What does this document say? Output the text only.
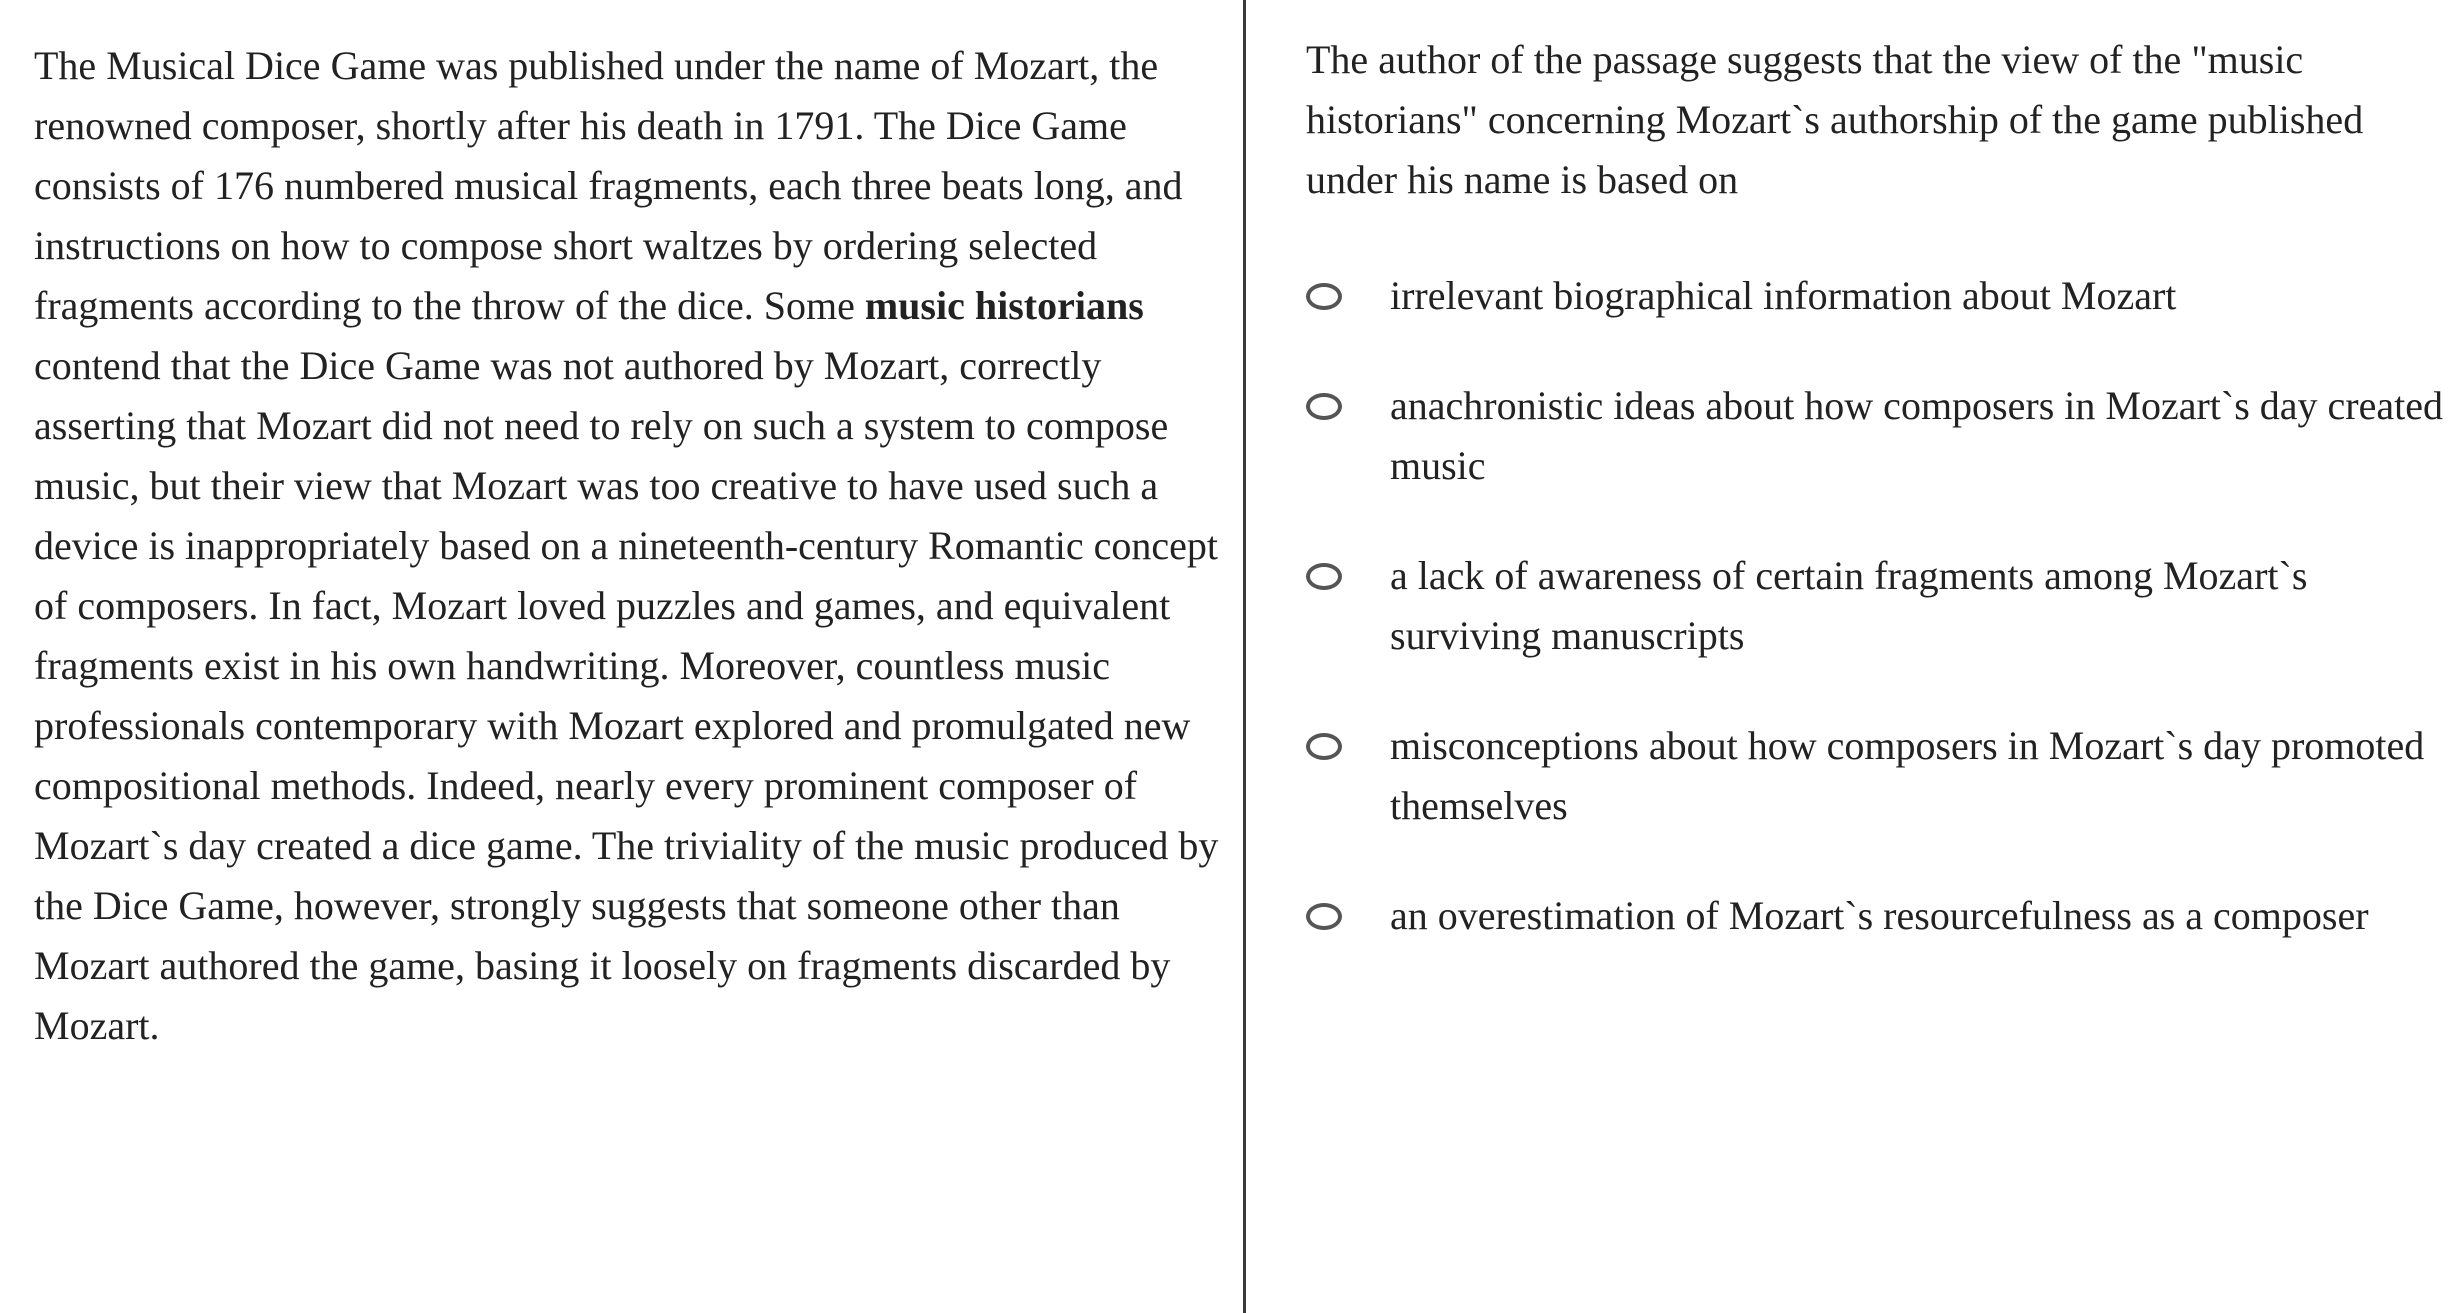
The Musical Dice Game was published under the name of Mozart, the renowned composer, shortly after his death in 1791. The Dice Game consists of 176 numbered musical fragments, each three beats long, and instructions on how to compose short waltzes by ordering selected fragments according to the throw of the dice. Some music historians contend that the Dice Game was not authored by Mozart, correctly asserting that Mozart did not need to rely on such a system to compose music, but their view that Mozart was too creative to have used such a device is inappropriately based on a nineteenth-century Romantic concept of composers. In fact, Mozart loved puzzles and games, and equivalent fragments exist in his own handwriting. Moreover, countless music professionals contemporary with Mozart explored and promulgated new compositional methods. Indeed, nearly every prominent composer of Mozart`s day created a dice game. The triviality of the music produced by the Dice Game, however, strongly suggests that someone other than Mozart authored the game, basing it loosely on fragments discarded by Mozart.

The author of the passage suggests that the view of the "music historians" concerning Mozart`s authorship of the game published under his name is based on

irrelevant biographical information about Mozart
anachronistic ideas about how composers in Mozart`s day created music
a lack of awareness of certain fragments among Mozart`s surviving manuscripts
misconceptions about how composers in Mozart`s day promoted themselves
an overestimation of Mozart`s resourcefulness as a composer
